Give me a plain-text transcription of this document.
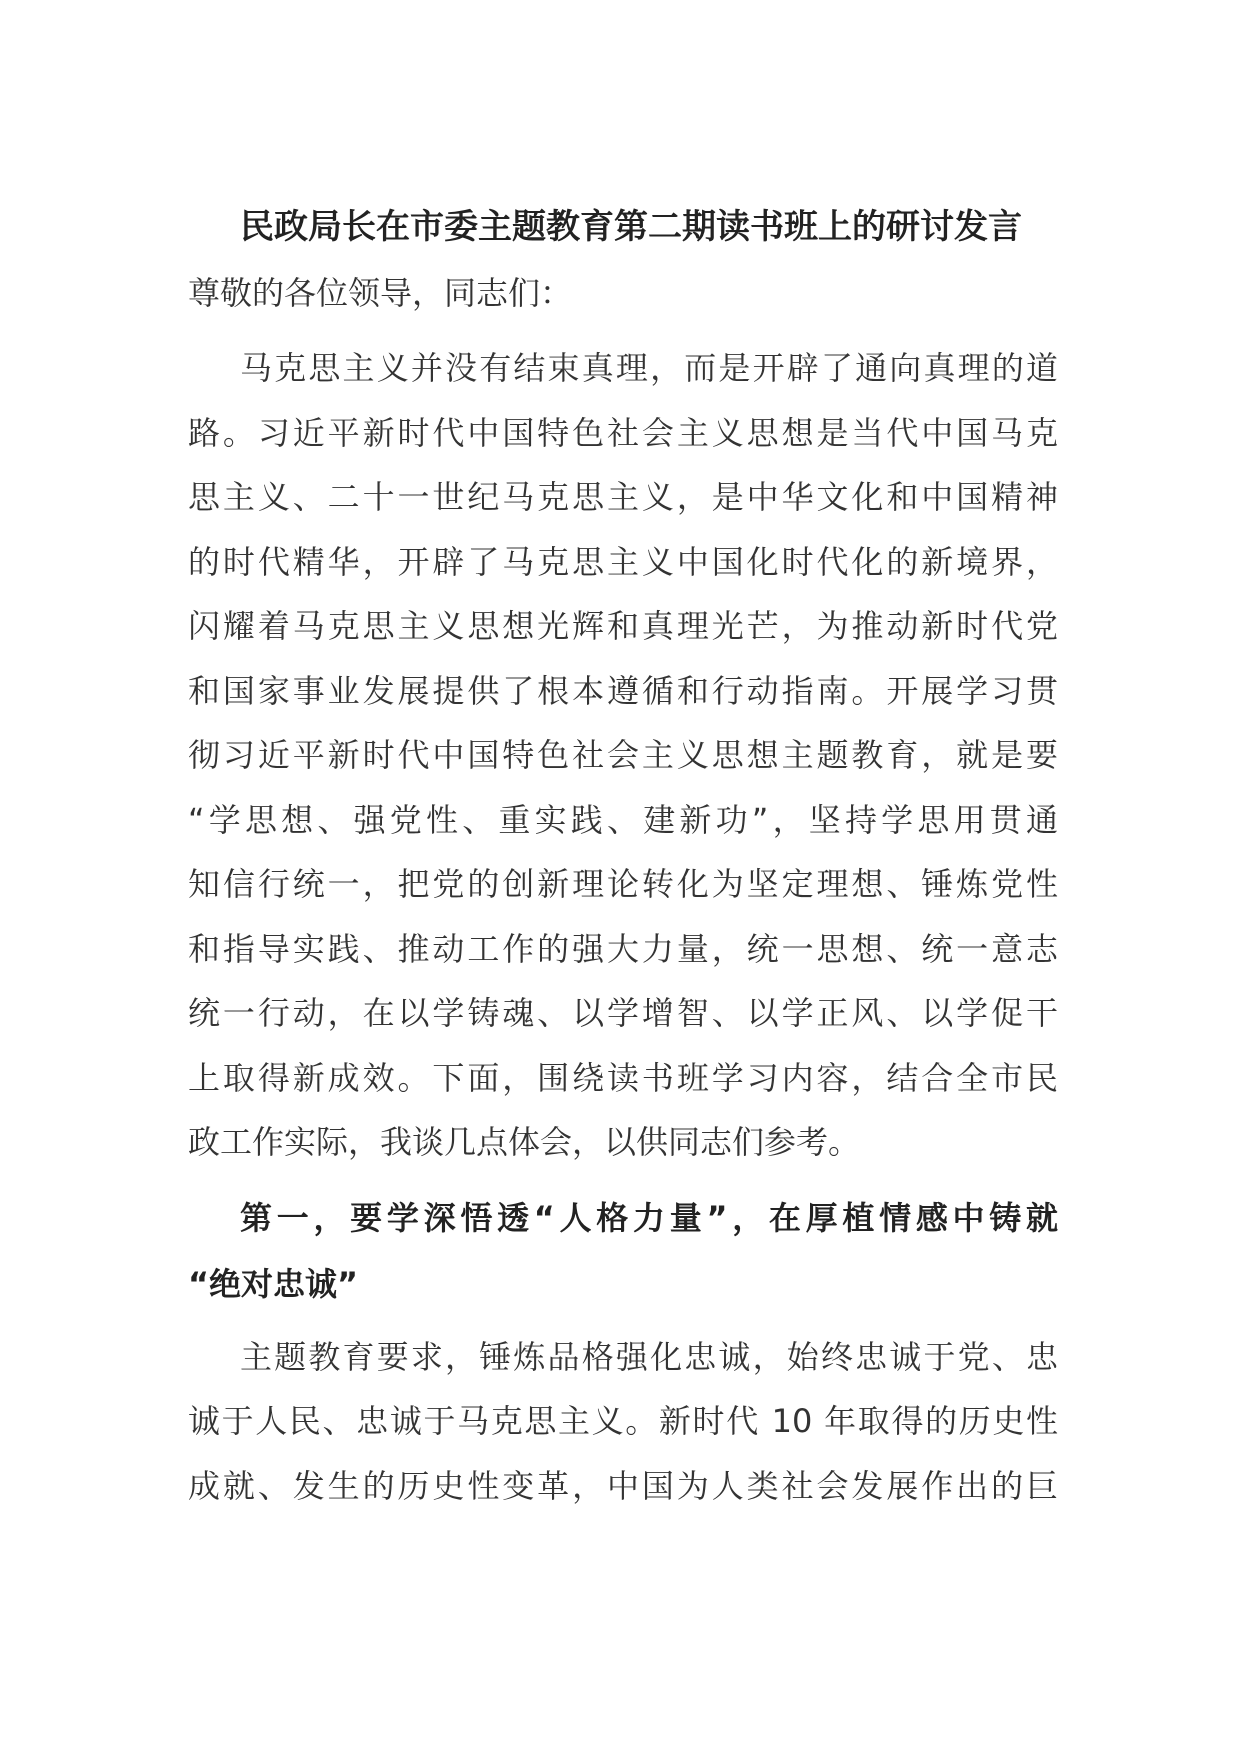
民政局长在市委主题教育第二期读书班上的研讨发言

尊敬的各位领导，同志们：

马克思主义并没有结束真理，而是开辟了通向真理的道
路。习近平新时代中国特色社会主义思想是当代中国马克
思主义、二十一世纪马克思主义，是中华文化和中国精神
的时代精华，开辟了马克思主义中国化时代化的新境界，
闪耀着马克思主义思想光辉和真理光芒，为推动新时代党
和国家事业发展提供了根本遵循和行动指南。开展学习贯
彻习近平新时代中国特色社会主义思想主题教育，就是要
“学思想、强党性、重实践、建新功”，坚持学思用贯通
知信行统一，把党的创新理论转化为坚定理想、锤炼党性
和指导实践、推动工作的强大力量，统一思想、统一意志
统一行动，在以学铸魂、以学增智、以学正风、以学促干
上取得新成效。下面，围绕读书班学习内容，结合全市民
政工作实际，我谈几点体会，以供同志们参考。
第一，要学深悟透“人格力量”，在厚植情感中铸就
“绝对忠诚”
主题教育要求，锤炼品格强化忠诚，始终忠诚于党、忠
诚于人民、忠诚于马克思主义。新时代 10 年取得的历史性
成就、发生的历史性变革，中国为人类社会发展作出的巨
